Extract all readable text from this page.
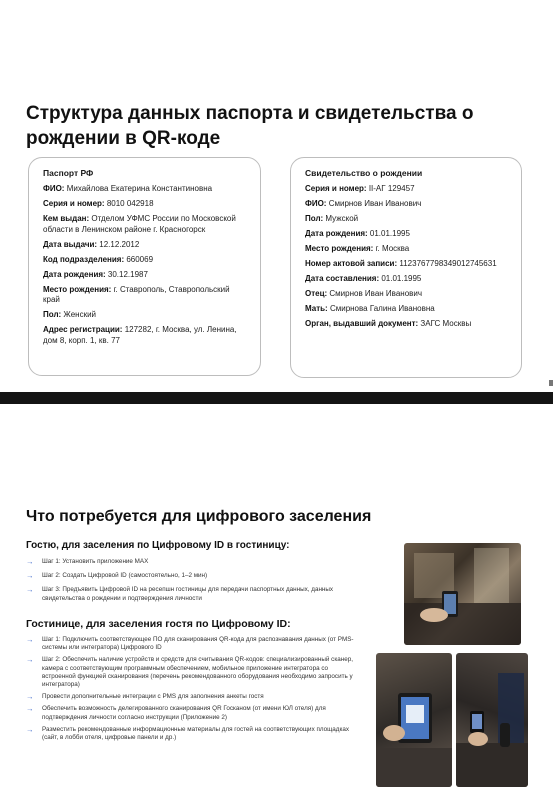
Структура данных паспорта и свидетельства о рождении в QR-коде
Паспорт РФ
ФИО: Михайлова Екатерина Константиновна
Серия и номер: 8010 042918
Кем выдан: Отделом УФМС России по Московской области в Ленинском районе г. Красногорск
Дата выдачи: 12.12.2012
Код подразделения: 660069
Дата рождения: 30.12.1987
Место рождения: г. Ставрополь, Ставропольский край
Пол: Женский
Адрес регистрации: 127282, г. Москва, ул. Ленина, дом 8, корп. 1, кв. 77
Свидетельство о рождении
Серия и номер: II-АГ 129457
ФИО: Смирнов Иван Иванович
Пол: Мужской
Дата рождения: 01.01.1995
Место рождения: г. Москва
Номер актовой записи: 1123767798349012745631
Дата составления: 01.01.1995
Отец: Смирнов Иван Иванович
Мать: Смирнова Галина Ивановна
Орган, выдавший документ: ЗАГС Москвы
Что потребуется для цифрового заселения
Гостю, для заселения по Цифровому ID в гостиницу:
→ Шаг 1: Установить приложение MAX
→ Шаг 2: Создать Цифровой ID (самостоятельно, 1–2 мин)
→ Шаг 3: Предъявить Цифровой ID на ресепшн гостиницы для передачи паспортных данных, данных свидетельства о рождении и подтверждения личности
Гостинице, для заселения гостя по Цифровому ID:
→ Шаг 1: Подключить соответствующее ПО для сканирования QR-кода для распознавания данных (от PMS-системы или интегратора) Цифрового ID
→ Шаг 2: Обеспечить наличие устройств и средств для считывания QR-кодов: специализированный сканер, камера с соответствующим программным обеспечением, мобильное приложение интегратора со встроенной функцией сканирования (перечень рекомендованного оборудования необходимо запросить у интегратора)
→ Провести дополнительные интеграции с PMS для заполнения анкеты гостя
→ Обеспечить возможность делегированного сканирования QR Госканом (от имени ЮЛ отеля) для подтверждения личности согласно инструкции (Приложение 2)
→ Разместить рекомендованные информационные материалы для гостей на соответствующих площадках (сайт, в лобби отеля, цифровые панели и др.)
